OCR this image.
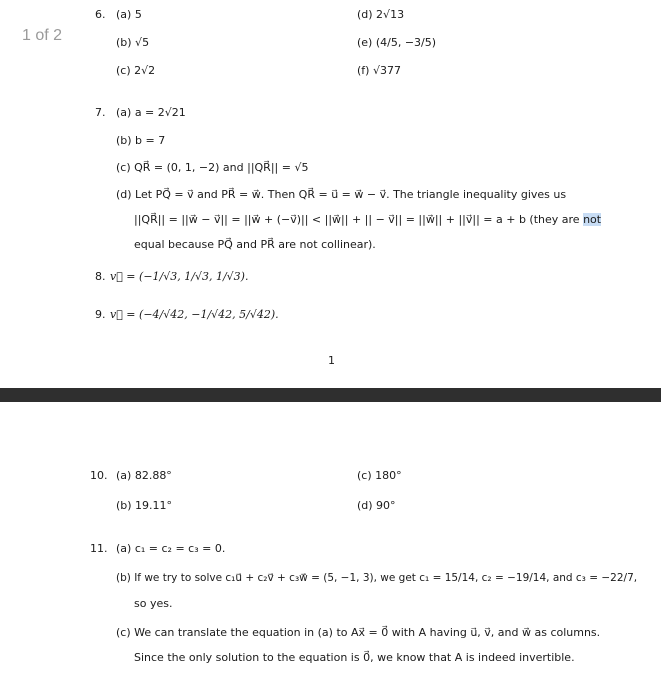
1 of 2
6. (a) 5
(b) √5
(c) 2√2
(d) 2√13
(e) (4/5, −3/5)
(f) √377
7. (a) a = 2√21
(b) b = 7
(c) QR⃗ = (0, 1, −2) and ||QR⃗|| = √5
(d) Let PQ⃗ = v⃗ and PR⃗ = w⃗. Then QR⃗ = u⃗ = w⃗ − v⃗. The triangle inequality gives us
||QR⃗|| = ||w⃗ − v⃗|| = ||w⃗ + (−v⃗)|| < ||w⃗|| + || − v⃗|| = ||w⃗|| + ||v⃗|| = a + b (they are not
equal because PQ⃗ and PR⃗ are not collinear).
8. v⃗ = (−1/√3, 1/√3, 1/√3).
9. v⃗ = (−4/√42, −1/√42, 5/√42).
1
10. (a) 82.88°
(b) 19.11°
(c) 180°
(d) 90°
11. (a) c₁ = c₂ = c₃ = 0.
(b) If we try to solve c₁u⃗ + c₂v⃗ + c₃w⃗ = (5, −1, 3), we get c₁ = 15/14, c₂ = −19/14, and c₃ = −22/7,
so yes.
(c) We can translate the equation in (a) to Ax⃗ = 0⃗ with A having u⃗, v⃗, and w⃗ as columns.
Since the only solution to the equation is 0⃗, we know that A is indeed invertible.
